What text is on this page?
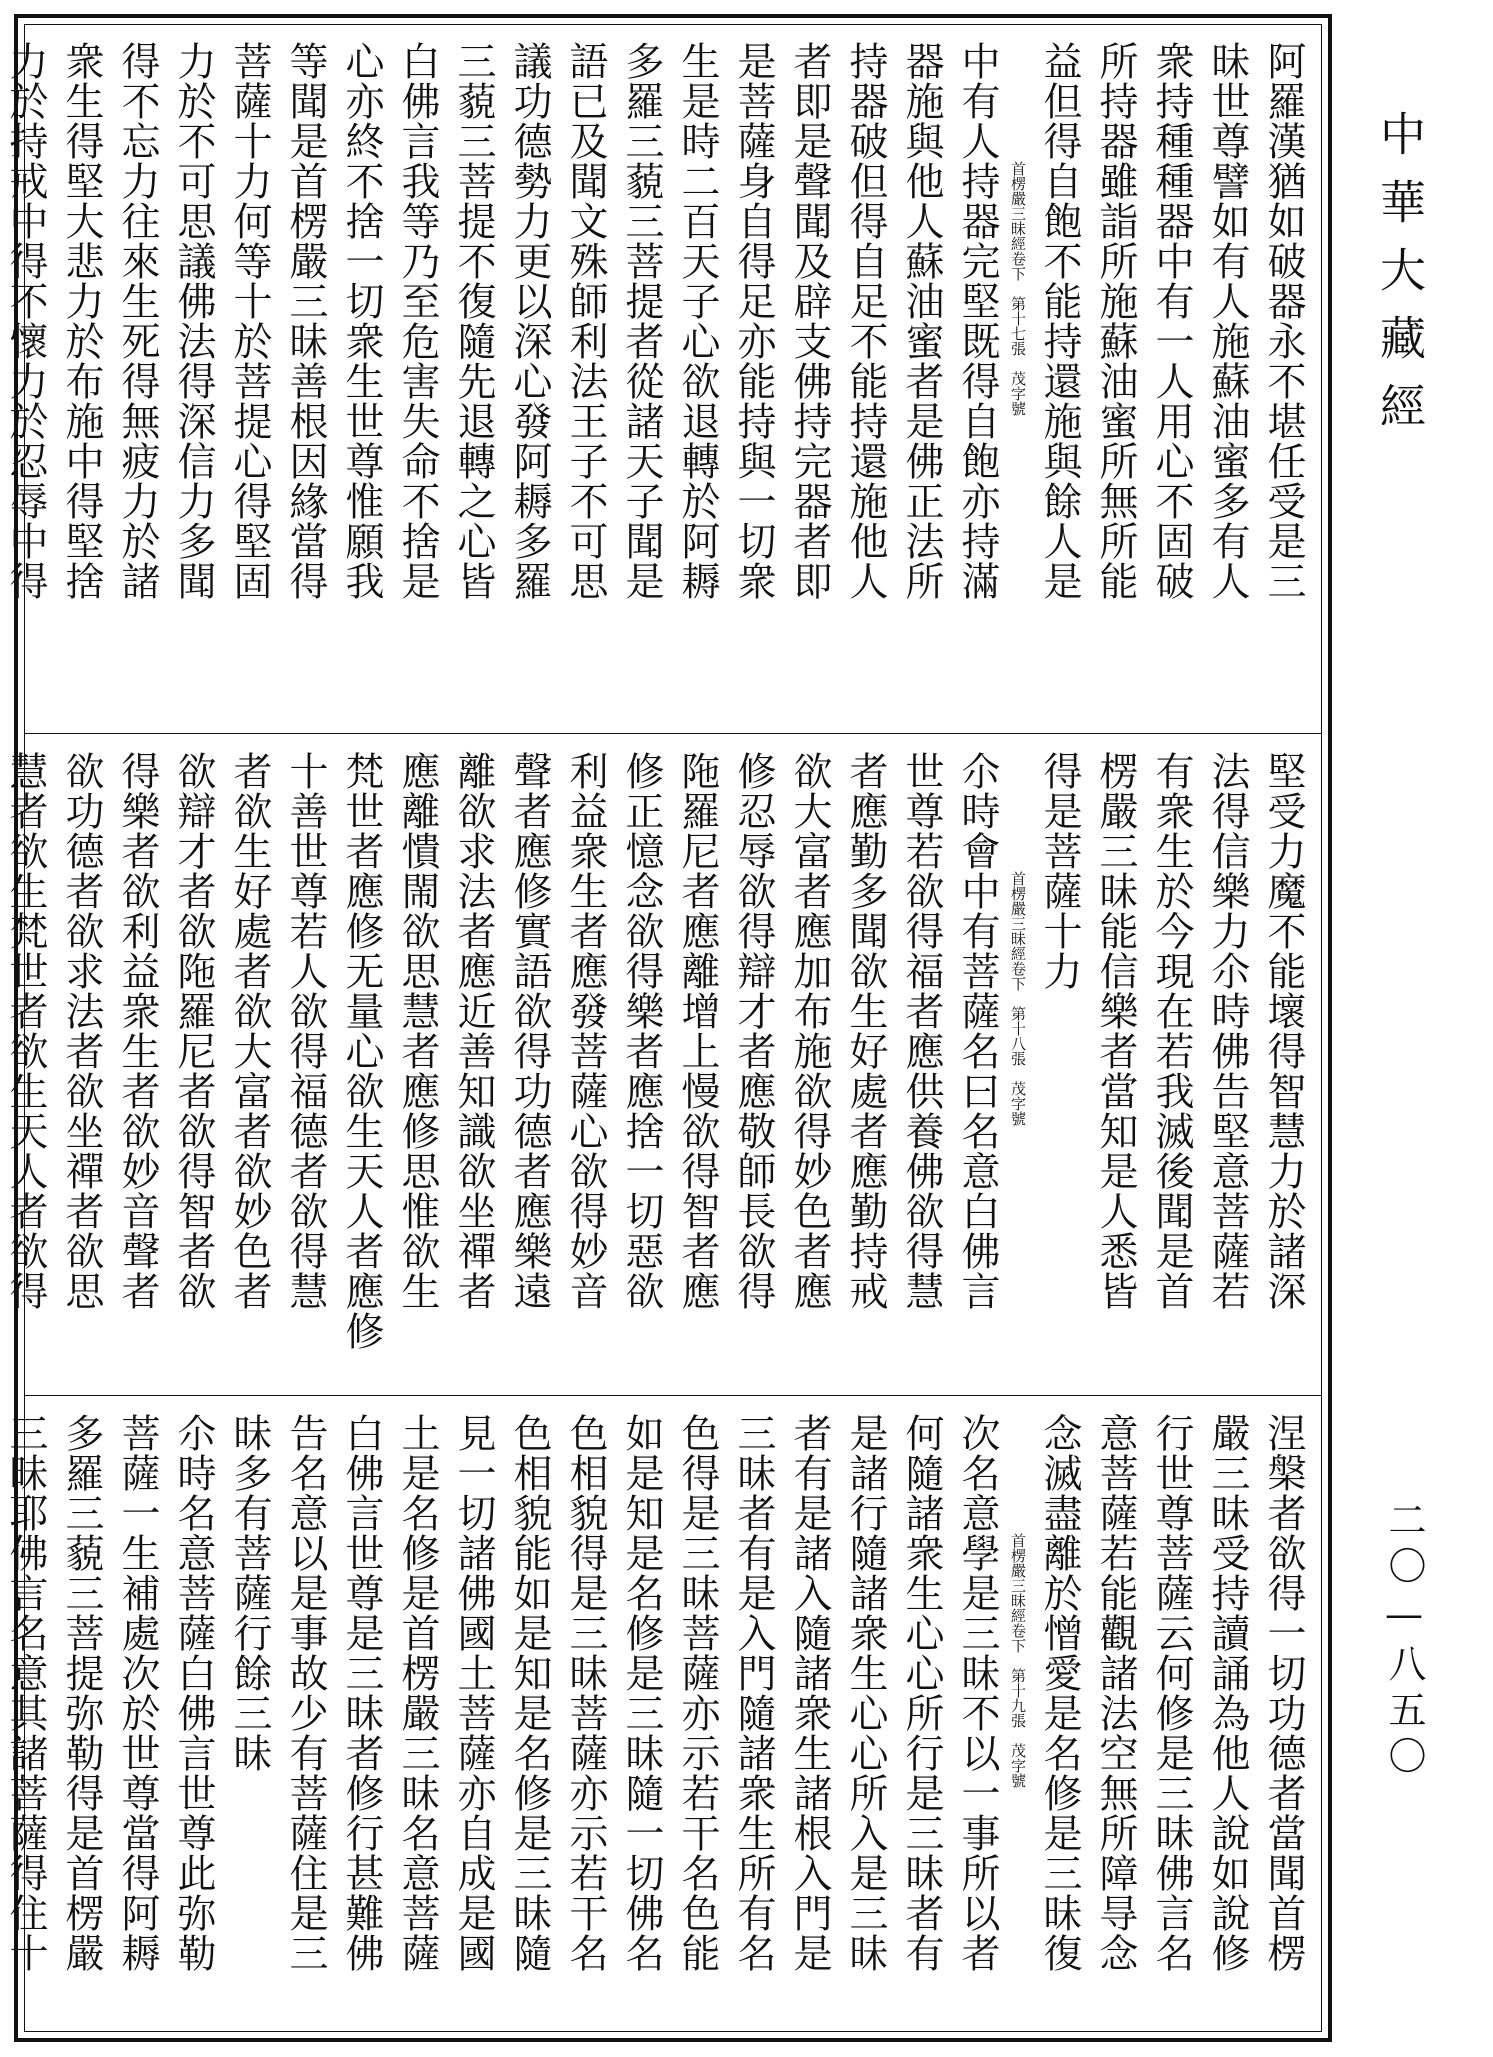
中華大藏經
二〇—八五〇
阿羅漢猶如破器永不堪任受是三
昧世尊譬如有人施蘇油蜜多有人
衆持種種器中有一人用心不固破
所持器雖詣所施蘇油蜜所無所能
益但得自飽不能持還施與餘人是
首楞嚴三昧經卷下　第十七張　茂字號
中有人持器完堅既得自飽亦持滿
器施與他人蘇油蜜者是佛正法所
持器破但得自足不能持還施他人
者即是聲聞及辟支佛持完器者即
是菩薩身自得足亦能持與一切衆
生是時二百天子心欲退轉於阿耨
多羅三藐三菩提者從諸天子聞是
語已及聞文殊師利法王子不可思
議功德勢力更以深心發阿耨多羅
三藐三菩提不復隨先退轉之心皆
白佛言我等乃至危害失命不捨是
心亦終不捨一切衆生世尊惟願我
等聞是首楞嚴三昧善根因緣當得
菩薩十力何等十於菩提心得堅固
力於不可思議佛法得深信力多聞
得不忘力往來生死得無疲力於諸
衆生得堅大悲力於布施中得堅捨
力於持戒中得不懷力於忍辱中得
堅受力魔不能壞得智慧力於諸深
法得信樂力尒時佛告堅意菩薩若
有衆生於今現在若我滅後聞是首
楞嚴三昧能信樂者當知是人悉皆
得是菩薩十力
首楞嚴三昧經卷下　第十八張　茂字號
尒時會中有菩薩名曰名意白佛言
世尊若欲得福者應供養佛欲得慧
者應勤多聞欲生好處者應勤持戒
欲大富者應加布施欲得妙色者應
修忍辱欲得辯才者應敬師長欲得
陁羅尼者應離增上慢欲得智者應
修正憶念欲得樂者應捨一切惡欲
利益衆生者應發菩薩心欲得妙音
聲者應修實語欲得功德者應樂遠
離欲求法者應近善知識欲坐禪者
應離憒閙欲思慧者應修思惟欲生
梵世者應修无量心欲生天人者應修
十善世尊若人欲得福德者欲得慧
者欲生好處者欲大富者欲妙色者
欲辯才者欲陁羅尼者欲得智者欲
得樂者欲利益衆生者欲妙音聲者
欲功德者欲求法者欲坐禪者欲思
慧者欲生梵世者欲生天人者欲得
涅槃者欲得一切功德者當聞首楞
嚴三昧受持讀誦為他人說如說修
行世尊菩薩云何修是三昧佛言名
意菩薩若能觀諸法空無所障㝵念
念滅盡離於憎愛是名修是三昧復
首楞嚴三昧經卷下　第十九張　茂字號
次名意學是三昧不以一事所以者
何隨諸衆生心心所行是三昧者有
是諸行隨諸衆生心心所入是三昧
者有是諸入隨諸衆生諸根入門是
三昧者有是入門隨諸衆生所有名
色得是三昧菩薩亦示若干名色能
如是知是名修是三昧隨一切佛名
色相貌得是三昧菩薩亦示若干名
色相貌能如是知是名修是三昧隨
見一切諸佛國土菩薩亦自成是國
土是名修是首楞嚴三昧名意菩薩
白佛言世尊是三昧者修行甚難佛
告名意以是事故少有菩薩住是三
昧多有菩薩行餘三昧
尒時名意菩薩白佛言世尊此弥勒
菩薩一生補處次於世尊當得阿耨
多羅三藐三菩提弥勒得是首楞嚴
三昧耶佛言名意其諸菩薩得住十
